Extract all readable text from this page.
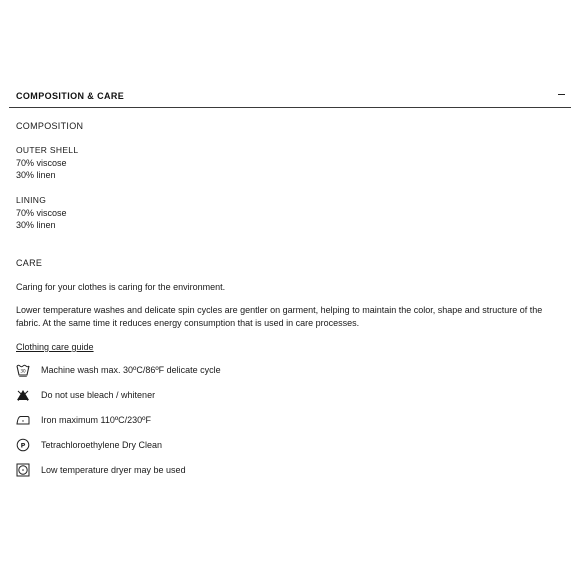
COMPOSITION & CARE
COMPOSITION
OUTER SHELL
70% viscose
30% linen
LINING
70% viscose
30% linen
CARE
Caring for your clothes is caring for the environment.
Lower temperature washes and delicate spin cycles are gentler on garment, helping to maintain the color, shape and structure of the fabric. At the same time it reduces energy consumption that is used in care processes.
Clothing care guide
30 Machine wash max. 30ºC/86ºF delicate cycle
Do not use bleach / whitener
Iron maximum 110ºC/230ºF
P Tetrachloroethylene Dry Clean
Low temperature dryer may be used
